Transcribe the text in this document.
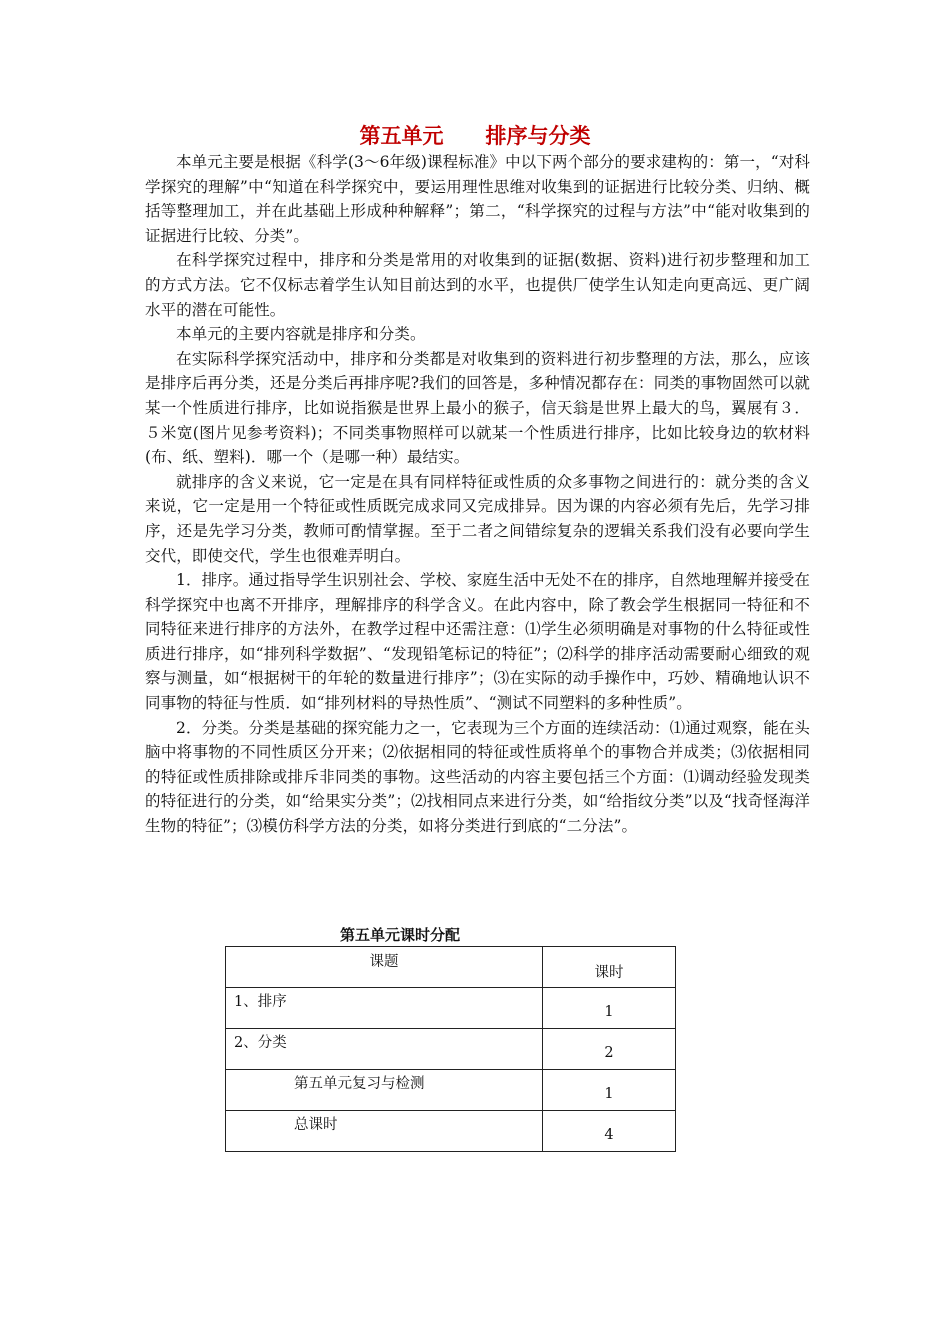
第五单元　　排序与分类

本单元主要是根据《科学(3～6年级)课程标准》中以下两个部分的要求建构的：第一，“对科学探究的理解”中“知道在科学探究中，要运用理性思维对收集到的证据进行比较分类、归纳、概括等整理加工，并在此基础上形成种种解释”；第二，“科学探究的过程与方法”中“能对收集到的证据进行比较、分类”。

在科学探究过程中，排序和分类是常用的对收集到的证据(数据、资料)进行初步整理和加工的方式方法。它不仅标志着学生认知目前达到的水平，也提供厂使学生认知走向更高远、更广阔水平的潜在可能性。

本单元的主要内容就是排序和分类。

在实际科学探究活动中，排序和分类都是对收集到的资料进行初步整理的方法，那么，应该是排序后再分类，还是分类后再排序呢?我们的回答是，多种情况都存在：同类的事物固然可以就某一个性质进行排序，比如说指猴是世界上最小的猴子，信天翁是世界上最大的鸟，翼展有３．５米宽(图片见参考资料)；不同类事物照样可以就某一个性质进行排序，比如比较身边的软材料(布、纸、塑料)．哪一个（是哪一种）最结实。

就排序的含义来说，它一定是在具有同样特征或性质的众多事物之间进行的：就分类的含义来说，它一定是用一个特征或性质既完成求同又完成排异。因为课的内容必须有先后，先学习排序，还是先学习分类，教师可酌情掌握。至于二者之间错综复杂的逻辑关系我们没有必要向学生交代，即使交代，学生也很难弄明白。

1．排序。通过指导学生识别社会、学校、家庭生活中无处不在的排序，自然地理解并接受在科学探究中也离不开排序，理解排序的科学含义。在此内容中，除了教会学生根据同一特征和不同特征来进行排序的方法外，在教学过程中还需注意：⑴学生必须明确是对事物的什么特征或性质进行排序，如“排列科学数据”、“发现铅笔标记的特征”；⑵科学的排序活动需要耐心细致的观察与测量，如“根据树干的年轮的数量进行排序”；⑶在实际的动手操作中，巧妙、精确地认识不同事物的特征与性质．如“排列材料的导热性质”、“测试不同塑料的多种性质”。

2．分类。分类是基础的探究能力之一，它表现为三个方面的连续活动：⑴通过观察，能在头脑中将事物的不同性质区分开来；⑵依据相同的特征或性质将单个的事物合并成类；⑶依据相同的特征或性质排除或排斥非同类的事物。这些活动的内容主要包括三个方面：⑴调动经验发现类的特征进行的分类，如“给果实分类”；⑵找相同点来进行分类，如“给指纹分类”以及“找奇怪海洋生物的特征”；⑶模仿科学方法的分类，如将分类进行到底的“二分法”。

第五单元课时分配
课题	课时
1、排序	1
2、分类	2
第五单元复习与检测	1
总课时	4
